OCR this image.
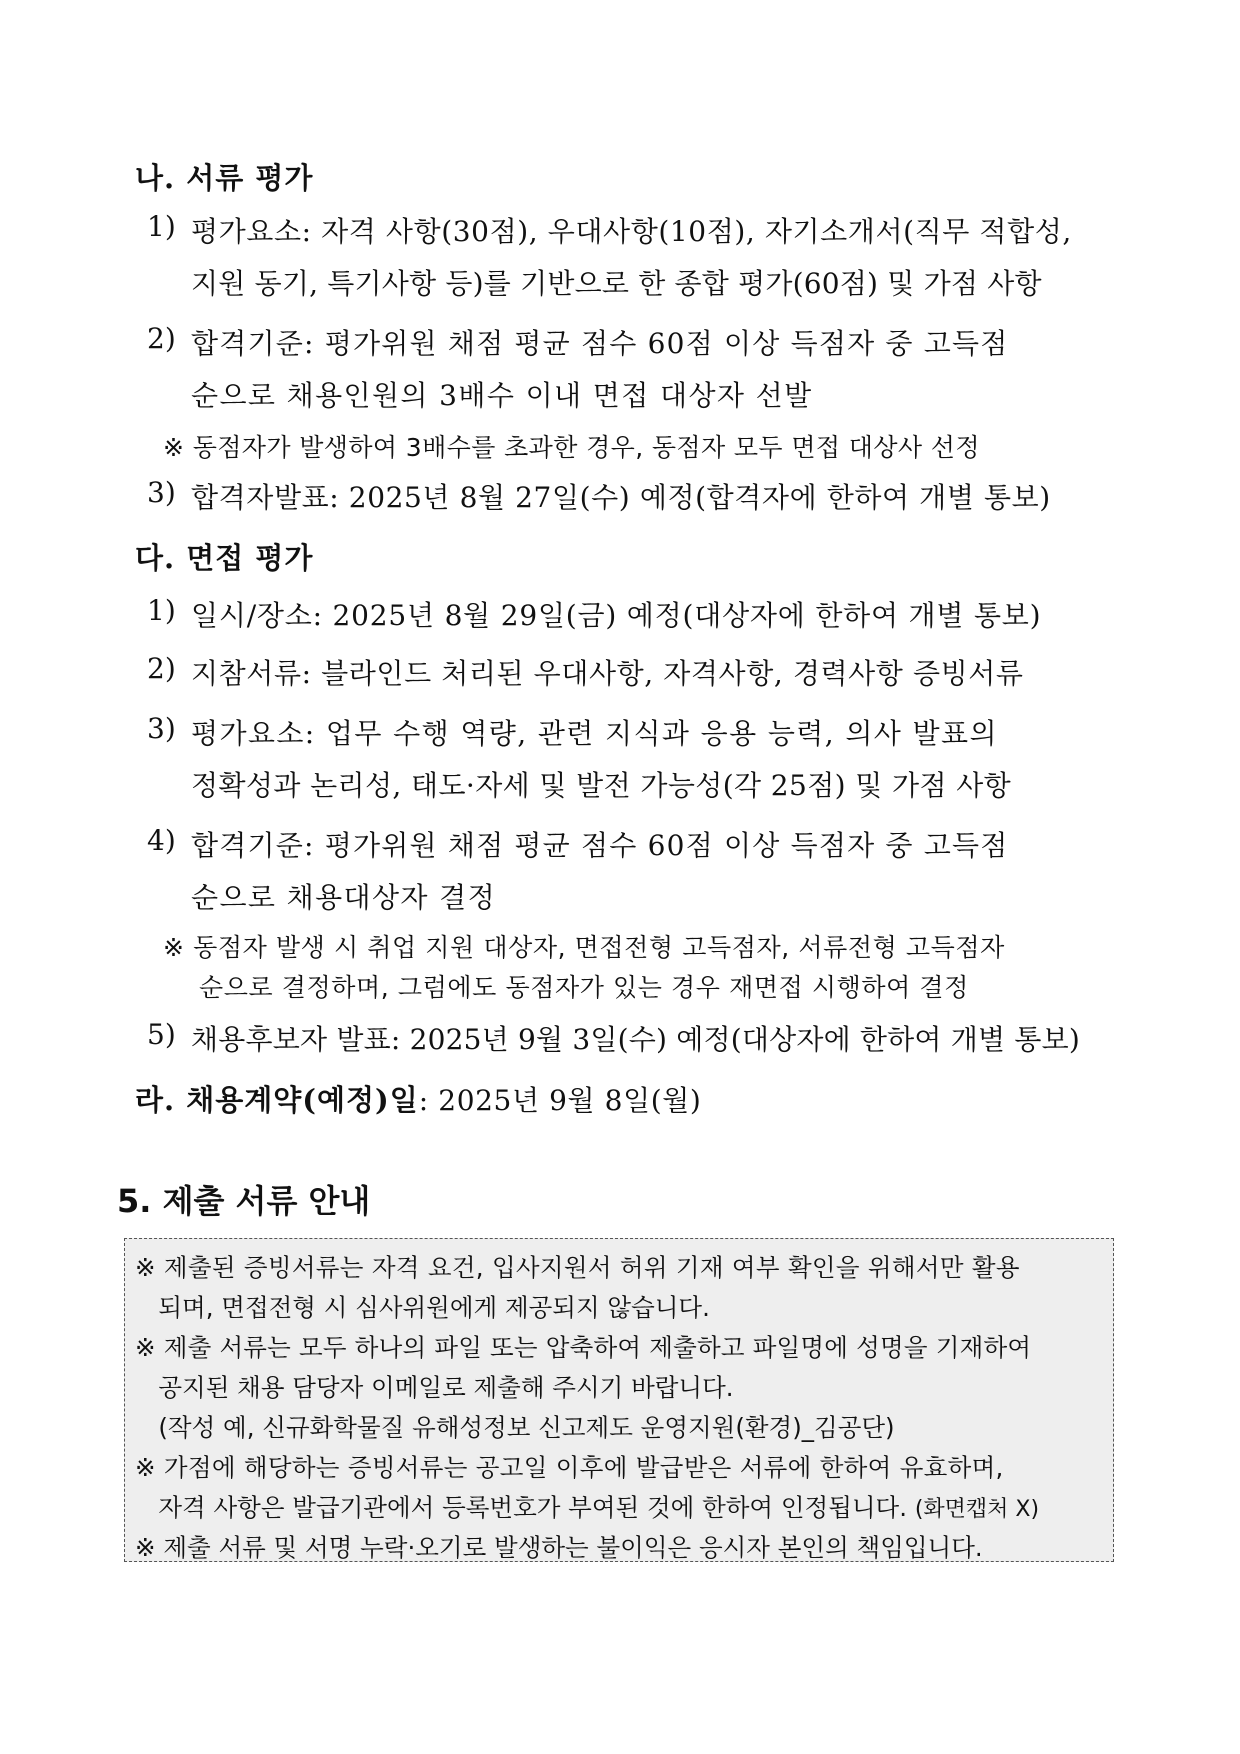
나. 서류 평가
1) 평가요소: 자격 사항(30점), 우대사항(10점), 자기소개서(직무 적합성,
지원 동기, 특기사항 등)를 기반으로 한 종합 평가(60점) 및 가점 사항
2) 합격기준: 평가위원 채점 평균 점수 60점 이상 득점자 중 고득점
순으로 채용인원의 3배수 이내 면접 대상자 선발
※ 동점자가 발생하여 3배수를 초과한 경우, 동점자 모두 면접 대상사 선정
3) 합격자발표: 2025년 8월 27일(수) 예정(합격자에 한하여 개별 통보)
다. 면접 평가
1) 일시/장소: 2025년 8월 29일(금) 예정(대상자에 한하여 개별 통보)
2) 지참서류: 블라인드 처리된 우대사항, 자격사항, 경력사항 증빙서류
3) 평가요소: 업무 수행 역량, 관련 지식과 응용 능력, 의사 발표의
정확성과 논리성, 태도·자세 및 발전 가능성(각 25점) 및 가점 사항
4) 합격기준: 평가위원 채점 평균 점수 60점 이상 득점자 중 고득점
순으로 채용대상자 결정
※ 동점자 발생 시 취업 지원 대상자, 면접전형 고득점자, 서류전형 고득점자
순으로 결정하며, 그럼에도 동점자가 있는 경우 재면접 시행하여 결정
5) 채용후보자 발표: 2025년 9월 3일(수) 예정(대상자에 한하여 개별 통보)
라. 채용계약(예정)일: 2025년 9월 8일(월)
5. 제출 서류 안내
※ 제출된 증빙서류는 자격 요건, 입사지원서 허위 기재 여부 확인을 위해서만 활용
되며, 면접전형 시 심사위원에게 제공되지 않습니다.
※ 제출 서류는 모두 하나의 파일 또는 압축하여 제출하고 파일명에 성명을 기재하여
공지된 채용 담당자 이메일로 제출해 주시기 바랍니다.
(작성 예, 신규화학물질 유해성정보 신고제도 운영지원(환경)_김공단)
※ 가점에 해당하는 증빙서류는 공고일 이후에 발급받은 서류에 한하여 유효하며,
자격 사항은 발급기관에서 등록번호가 부여된 것에 한하여 인정됩니다. (화면캡처 X)
※ 제출 서류 및 서명 누락·오기로 발생하는 불이익은 응시자 본인의 책임입니다.
